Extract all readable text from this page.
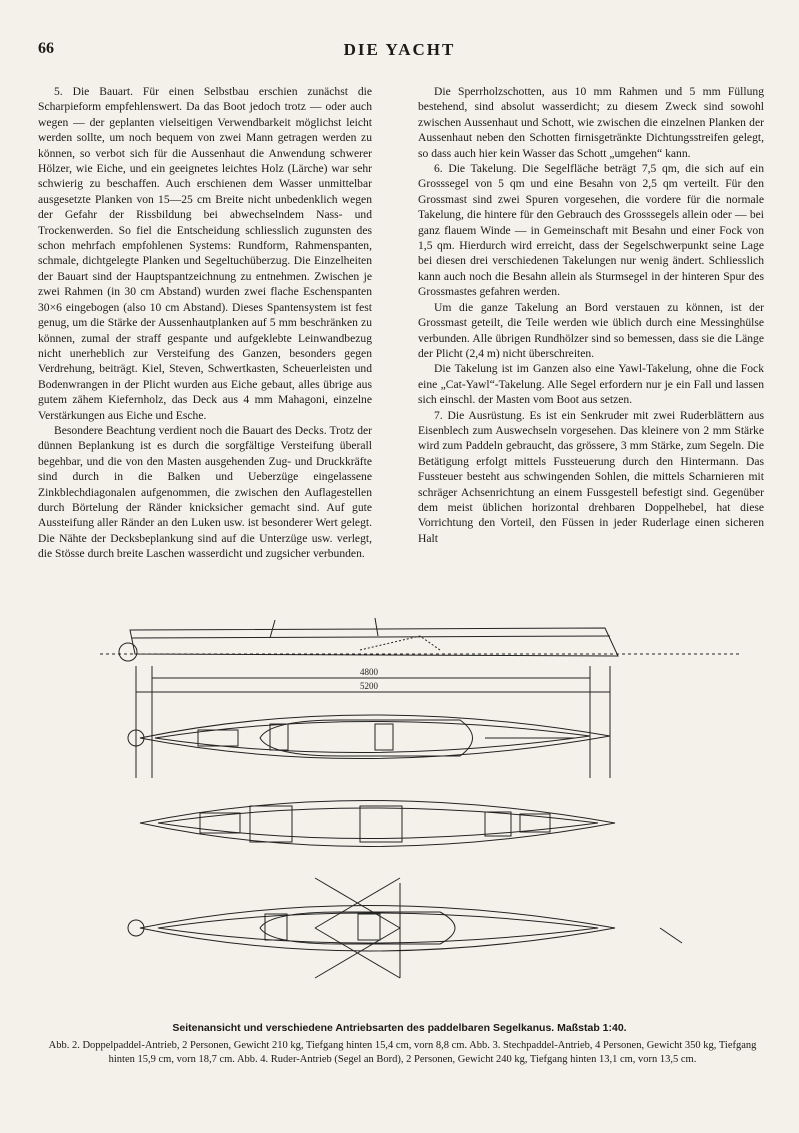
66	DIE YACHT

5. Die Bauart. Für einen Selbstbau erschien zunächst die Scharpieform empfehlenswert. Da das Boot jedoch trotz — oder auch wegen — der geplanten vielseitigen Verwendbarkeit möglichst leicht werden sollte, um noch bequem von zwei Mann getragen werden zu können, so verbot sich für die Aussenhaut die Anwendung schwerer Hölzer, wie Eiche, und ein geeignetes leichtes Holz (Lärche) war sehr schwierig zu beschaffen. Auch erschienen dem Wasser unmittelbar ausgesetzte Planken von 15—25 cm Breite nicht unbedenklich wegen der Gefahr der Rissbildung bei abwechselndem Nass- und Trockenwerden. So fiel die Entscheidung schliesslich zugunsten des schon mehrfach empfohlenen Systems: Rundform, Rahmenspanten, schmale, dichtgelegte Planken und Segeltuchüberzug. Die Einzelheiten der Bauart sind der Hauptspantzeichnung zu entnehmen. Zwischen je zwei Rahmen (in 30 cm Abstand) wurden zwei flache Eschenspanten 30×6 eingebogen (also 10 cm Abstand). Dieses Spantensystem ist fest genug, um die Stärke der Aussenhautplanken auf 5 mm beschränken zu können, zumal der straff gespante und aufgeklebte Leinwandbezug nicht unerheblich zur Versteifung des Ganzen, besonders gegen Verdrehung, beiträgt. Kiel, Steven, Schwertkasten, Scheuerleisten und Bodenwrangen in der Plicht wurden aus Eiche gebaut, alles übrige aus gutem zähem Kiefernholz, das Deck aus 4 mm Mahagoni, einzelne Verstärkungen aus Eiche und Esche.

Besondere Beachtung verdient noch die Bauart des Decks. Trotz der dünnen Beplankung ist es durch die sorgfältige Versteifung überall begehbar, und die von den Masten ausgehenden Zug- und Druckkräfte sind durch in die Balken und Ueberzüge eingelassene Zinkblechdiagonalen aufgenommen, die zwischen den Auflagestellen durch Börtelung der Ränder knicksicher gemacht sind. Auf gute Aussteifung aller Ränder an den Luken usw. ist besonderer Wert gelegt. Die Nähte der Decksbeplankung sind auf die Unterzüge usw. verlegt, die Stösse durch breite Laschen wasserdicht und zugsicher verbunden.

Die Sperrholzschotten, aus 10 mm Rahmen und 5 mm Füllung bestehend, sind absolut wasserdicht; zu diesem Zweck sind sowohl zwischen Aussenhaut und Schott, wie zwischen die einzelnen Planken der Aussenhaut neben den Schotten firnisgetränkte Dichtungsstreifen gelegt, so dass auch hier kein Wasser das Schott „umgehen“ kann.

6. Die Takelung. Die Segelfläche beträgt 7,5 qm, die sich auf ein Grosssegel von 5 qm und eine Besahn von 2,5 qm verteilt. Für den Grossmast sind zwei Spuren vorgesehen, die vordere für die normale Takelung, die hintere für den Gebrauch des Grosssegels allein oder — bei ganz flauem Winde — in Gemeinschaft mit Besahn und einer Fock von 1,5 qm. Hierdurch wird erreicht, dass der Segelschwerpunkt seine Lage bei diesen drei verschiedenen Takelungen nur wenig ändert. Schliesslich kann auch noch die Besahn allein als Sturmsegel in der hinteren Spur des Grossmastes gefahren werden.

Um die ganze Takelung an Bord verstauen zu können, ist der Grossmast geteilt, die Teile werden wie üblich durch eine Messinghülse verbunden. Alle übrigen Rundhölzer sind so bemessen, dass sie die Länge der Plicht (2,4 m) nicht überschreiten.

Die Takelung ist im Ganzen also eine Yawl-Takelung, ohne die Fock eine „Cat-Yawl“-Takelung. Alle Segel erfordern nur je ein Fall und lassen sich einschl. der Masten vom Boot aus setzen.

7. Die Ausrüstung. Es ist ein Senkruder mit zwei Ruderblättern aus Eisenblech zum Auswechseln vorgesehen. Das kleinere von 2 mm Stärke wird zum Paddeln gebraucht, das grössere, 3 mm Stärke, zum Segeln. Die Betätigung erfolgt mittels Fussteuerung durch den Hintermann. Das Fussteuer besteht aus schwingenden Sohlen, die mittels Scharnieren mit schräger Achsenrichtung an einem Fussgestell befestigt sind. Gegenüber dem meist üblichen horizontal drehbaren Doppelhebel, hat diese Vorrichtung den Vorteil, den Füssen in jeder Ruderlage einen sicheren Halt

4800
5200
Seitenansicht und verschiedene Antriebsarten des paddelbaren Segelkanus. Maßstab 1:40.
Abb. 2. Doppelpaddel-Antrieb, 2 Personen, Gewicht 210 kg, Tiefgang hinten 15,4 cm, vorn 8,8 cm. Abb. 3. Stechpaddel-Antrieb, 4 Personen, Gewicht 350 kg, Tiefgang hinten 15,9 cm, vorn 18,7 cm. Abb. 4. Ruder-Antrieb (Segel an Bord), 2 Personen, Gewicht 240 kg, Tiefgang hinten 13,1 cm, vorn 13,5 cm.
